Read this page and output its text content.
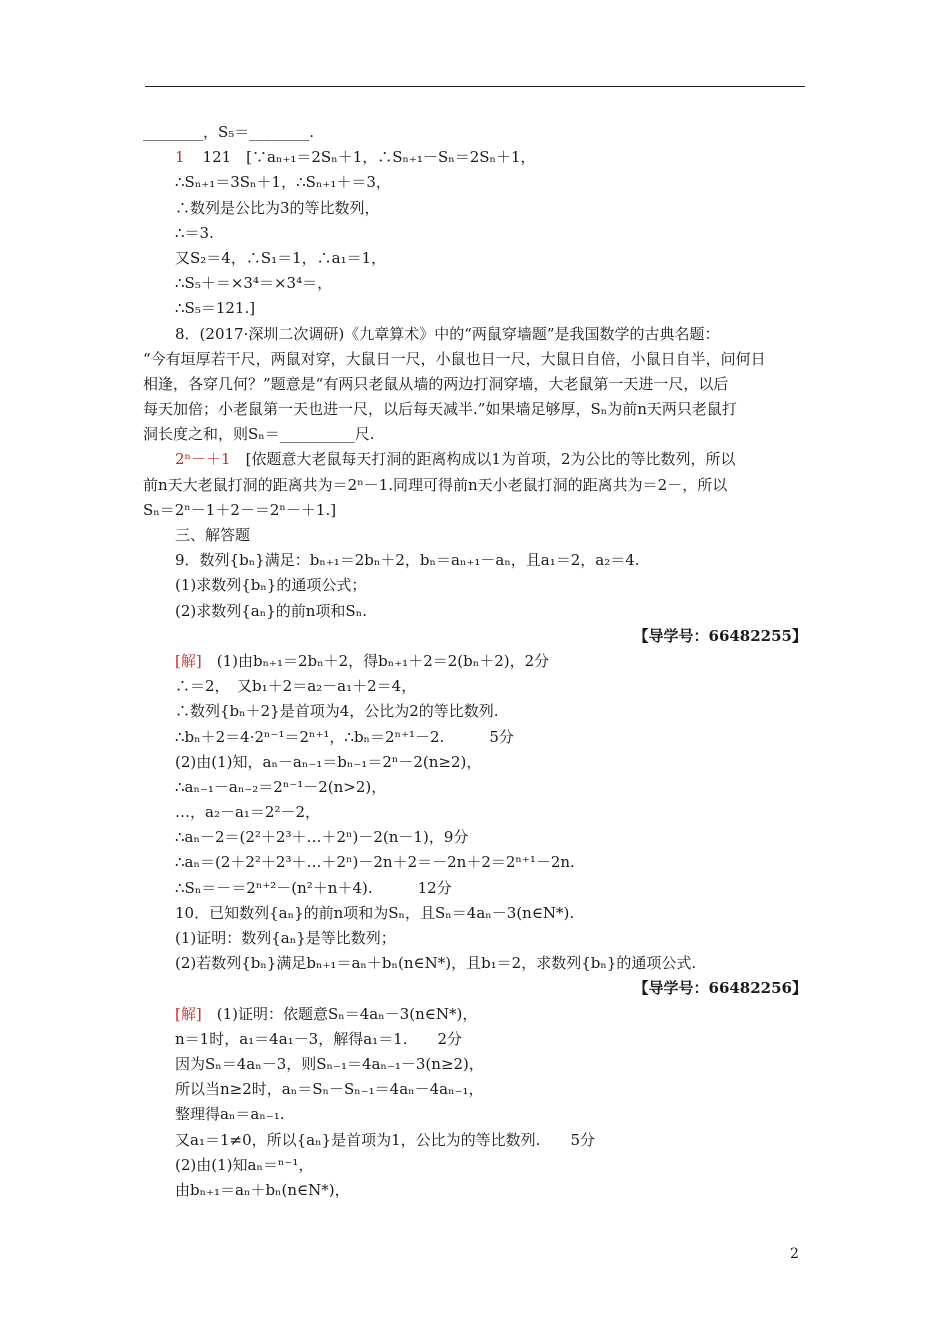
________，S₅＝________.
1 121　[∵aₙ₊₁＝2Sₙ＋1，∴Sₙ₊₁－Sₙ＝2Sₙ＋1，
∴Sₙ₊₁＝3Sₙ＋1，∴Sₙ₊₁＋＝3，
∴数列是公比为3的等比数列，
∴＝3.
又S₂＝4，∴S₁＝1，∴a₁＝1，
∴S₅＋＝×3⁴＝×3⁴＝，
∴S₅＝121.]
8．(2017·深圳二次调研)《九章算术》中的“两鼠穿墙题”是我国数学的古典名题：
“今有垣厚若干尺，两鼠对穿，大鼠日一尺，小鼠也日一尺，大鼠日自倍，小鼠日自半，问何日
相逢，各穿几何？”题意是“有两只老鼠从墙的两边打洞穿墙，大老鼠第一天进一尺，以后
每天加倍；小老鼠第一天也进一尺，以后每天减半.”如果墙足够厚，Sₙ为前n天两只老鼠打
洞长度之和，则Sₙ＝__________尺.
2ⁿ－＋1　[依题意大老鼠每天打洞的距离构成以1为首项，2为公比的等比数列，所以
前n天大老鼠打洞的距离共为＝2ⁿ－1.同理可得前n天小老鼠打洞的距离共为＝2－，所以
Sₙ＝2ⁿ－1＋2－＝2ⁿ－＋1.]
三、解答题
9．数列{bₙ}满足：bₙ₊₁＝2bₙ＋2，bₙ＝aₙ₊₁－aₙ，且a₁＝2，a₂＝4.
(1)求数列{bₙ}的通项公式；
(2)求数列{aₙ}的前n项和Sₙ.
【导学号：66482255】
[解]　(1)由bₙ₊₁＝2bₙ＋2，得bₙ₊₁＋2＝2(bₙ＋2)，2分
∴＝2，　又b₁＋2＝a₂－a₁＋2＝4，
∴数列{bₙ＋2}是首项为4，公比为2的等比数列.
∴bₙ＋2＝4·2ⁿ⁻¹＝2ⁿ⁺¹，∴bₙ＝2ⁿ⁺¹－2.　　　5分
(2)由(1)知，aₙ－aₙ₋₁＝bₙ₋₁＝2ⁿ－2(n≥2)，
∴aₙ₋₁－aₙ₋₂＝2ⁿ⁻¹－2(n>2)，
…，a₂－a₁＝2²－2，
∴aₙ－2＝(2²＋2³＋…＋2ⁿ)－2(n－1)，9分
∴aₙ＝(2＋2²＋2³＋…＋2ⁿ)－2n＋2＝－2n＋2＝2ⁿ⁺¹－2n.
∴Sₙ＝－＝2ⁿ⁺²－(n²＋n＋4).　　　12分
10．已知数列{aₙ}的前n项和为Sₙ，且Sₙ＝4aₙ－3(n∈N*).
(1)证明：数列{aₙ}是等比数列；
(2)若数列{bₙ}满足bₙ₊₁＝aₙ＋bₙ(n∈N*)，且b₁＝2，求数列{bₙ}的通项公式.
【导学号：66482256】
[解]　(1)证明：依题意Sₙ＝4aₙ－3(n∈N*)，
n＝1时，a₁＝4a₁－3，解得a₁＝1.　　2分
因为Sₙ＝4aₙ－3，则Sₙ₋₁＝4aₙ₋₁－3(n≥2)，
所以当n≥2时，aₙ＝Sₙ－Sₙ₋₁＝4aₙ－4aₙ₋₁，
整理得aₙ＝aₙ₋₁.
又a₁＝1≠0，所以{aₙ}是首项为1，公比为的等比数列.　　5分
(2)由(1)知aₙ＝ⁿ⁻¹，
由bₙ₊₁＝aₙ＋bₙ(n∈N*)，
2
